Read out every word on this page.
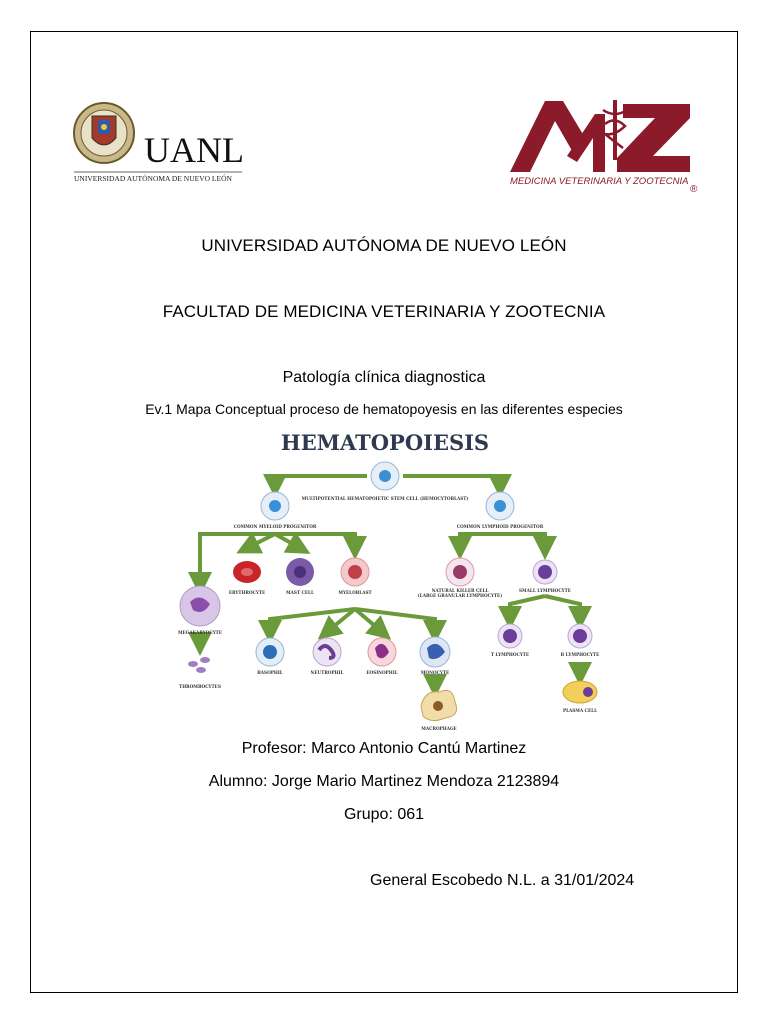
UANL
UNIVERSIDAD AUTÓNOMA DE NUEVO LEÓN	MEDICINA VETERINARIA Y ZOOTECNIA
®
UNIVERSIDAD AUTÓNOMA DE NUEVO LEÓN
FACULTAD DE MEDICINA VETERINARIA Y ZOOTECNIA
Patología clínica diagnostica
Ev.1 Mapa Conceptual proceso de hematopoyesis en las diferentes especies
HEMATOPOIESIS
MULTIPOTENTIAL HEMATOPOIETIC STEM CELL (HEMOCYTOBLAST)
COMMON MYELOID PROGENITOR	COMMON LYMPHOID PROGENITOR
ERYTHROCYTE	MAST CELL	MYELOBLAST
MEGAKARYOCYTE
THROMBOCYTES
BASOPHIL	NEUTROPHIL	EOSINOPHIL	MONOCYTE
MACROPHAGE
NATURAL KILLER CELL
(LARGE GRANULAR LYMPHOCYTE)
SMALL LYMPHOCYTE
T LYMPHOCYTE	B LYMPHOCYTE
PLASMA CELL
Profesor: Marco Antonio Cantú Martinez
Alumno: Jorge Mario Martinez Mendoza 2123894
Grupo: 061
General Escobedo N.L. a 31/01/2024
